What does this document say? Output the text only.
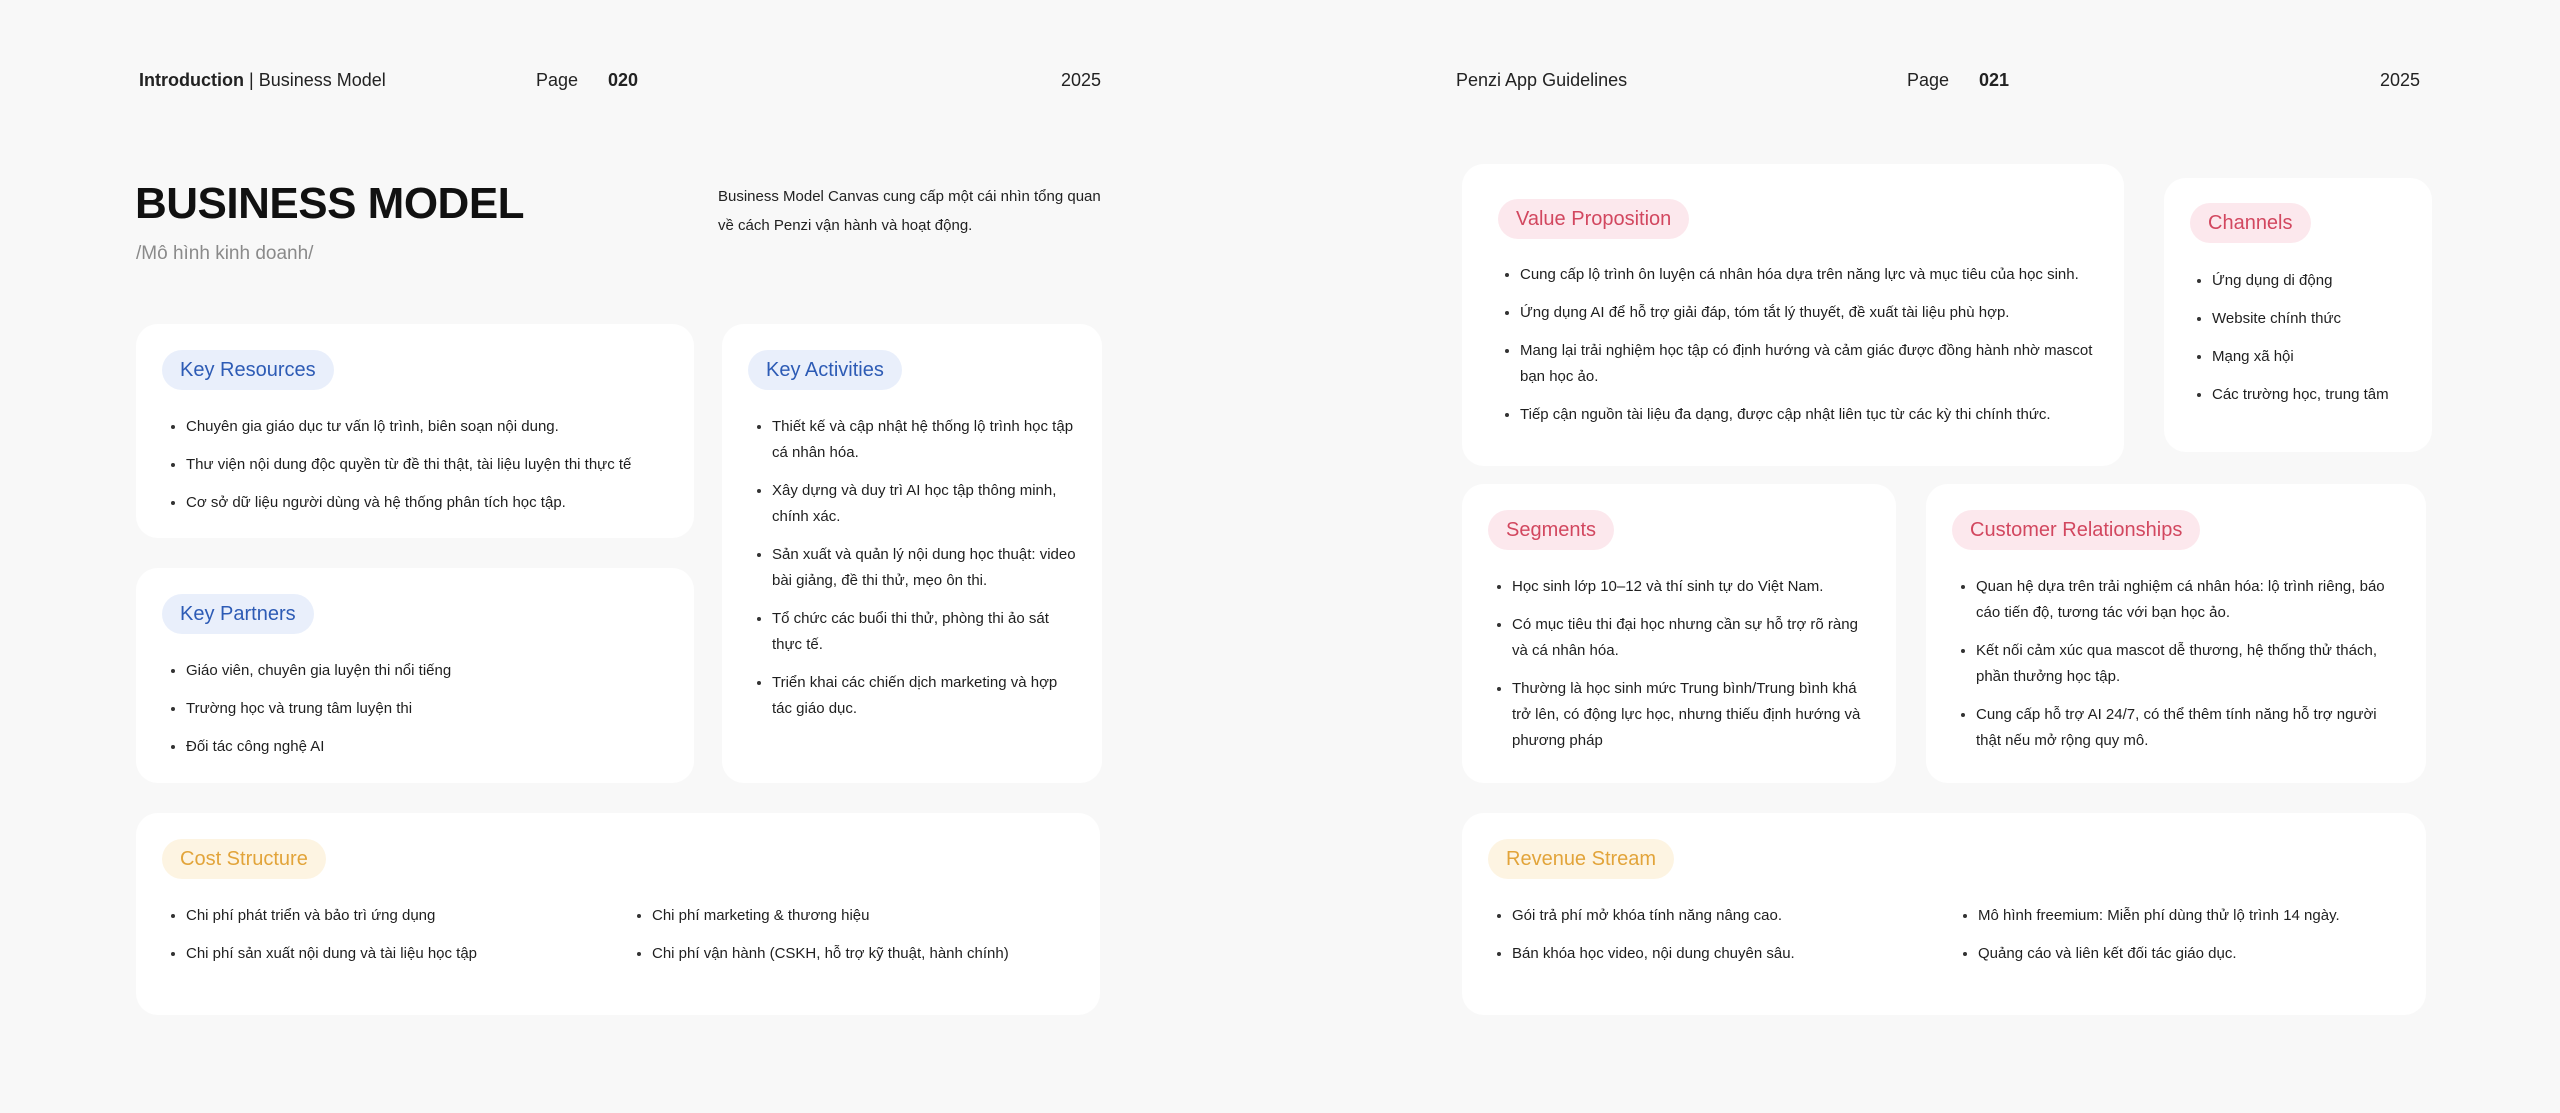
Introduction | Business Model	Page 020	2025	Penzi App Guidelines	Page 021	2025
BUSINESS MODEL
/Mô hình kinh doanh/
Business Model Canvas cung cấp một cái nhìn tổng quan
về cách Penzi vận hành và hoạt động.
Key Resources
Chuyên gia giáo dục tư vấn lộ trình, biên soạn nội dung.
Thư viện nội dung độc quyền từ đề thi thật, tài liệu luyện thi thực tế
Cơ sở dữ liệu người dùng và hệ thống phân tích học tập.
Key Partners
Giáo viên, chuyên gia luyện thi nổi tiếng
Trường học và trung tâm luyện thi
Đối tác công nghệ AI
Key Activities
Thiết kế và cập nhật hệ thống lộ trình học tập cá nhân hóa.
Xây dựng và duy trì AI học tập thông minh, chính xác.
Sản xuất và quản lý nội dung học thuật: video bài giảng, đề thi thử, mẹo ôn thi.
Tổ chức các buổi thi thử, phòng thi ảo sát thực tế.
Triển khai các chiến dịch marketing và hợp tác giáo dục.
Cost Structure
Chi phí phát triển và bảo trì ứng dụng
Chi phí sản xuất nội dung và tài liệu học tập
Chi phí marketing & thương hiệu
Chi phí vận hành (CSKH, hỗ trợ kỹ thuật, hành chính)
Value Proposition
Cung cấp lộ trình ôn luyện cá nhân hóa dựa trên năng lực và mục tiêu của học sinh.
Ứng dụng AI để hỗ trợ giải đáp, tóm tắt lý thuyết, đề xuất tài liệu phù hợp.
Mang lại trải nghiệm học tập có định hướng và cảm giác được đồng hành nhờ mascot bạn học ảo.
Tiếp cận nguồn tài liệu đa dạng, được cập nhật liên tục từ các kỳ thi chính thức.
Channels
Ứng dụng di động
Website chính thức
Mạng xã hội
Các trường học, trung tâm
Segments
Học sinh lớp 10–12 và thí sinh tự do Việt Nam.
Có mục tiêu thi đại học nhưng cần sự hỗ trợ rõ ràng và cá nhân hóa.
Thường là học sinh mức Trung bình/Trung bình khá trở lên, có động lực học, nhưng thiếu định hướng và phương pháp
Customer Relationships
Quan hệ dựa trên trải nghiệm cá nhân hóa: lộ trình riêng, báo cáo tiến độ, tương tác với bạn học ảo.
Kết nối cảm xúc qua mascot dễ thương, hệ thống thử thách, phần thưởng học tập.
Cung cấp hỗ trợ AI 24/7, có thể thêm tính năng hỗ trợ người thật nếu mở rộng quy mô.
Revenue Stream
Gói trả phí mở khóa tính năng nâng cao.
Bán khóa học video, nội dung chuyên sâu.
Mô hình freemium: Miễn phí dùng thử lộ trình 14 ngày.
Quảng cáo và liên kết đối tác giáo dục.
